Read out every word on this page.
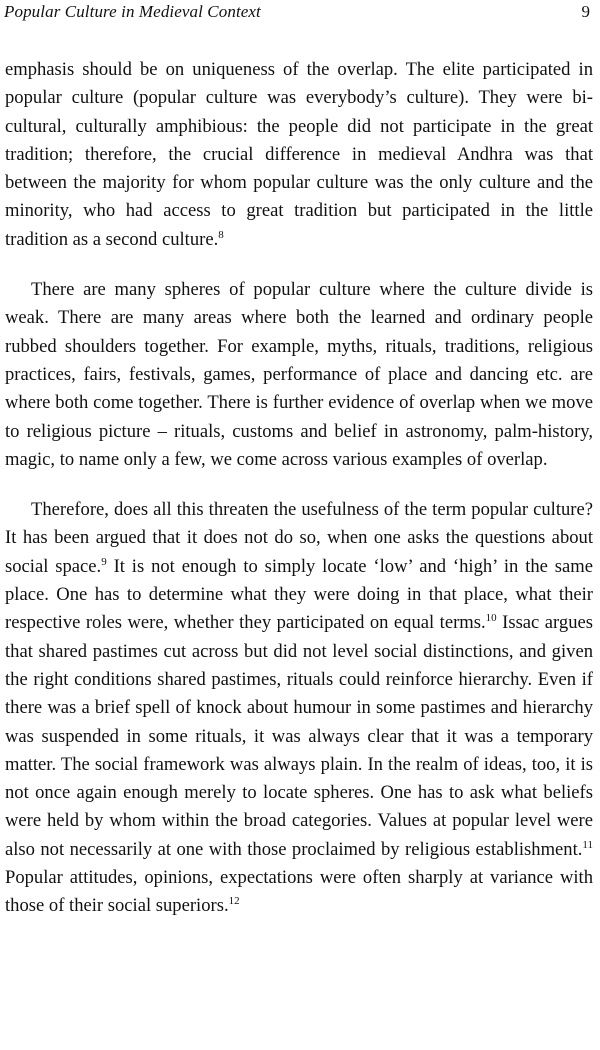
Popular Culture in Medieval Context	9

emphasis should be on uniqueness of the overlap. The elite participated in popular culture (popular culture was everybody’s culture). They were bi-cultural, culturally amphibious: the people did not participate in the great tradition; therefore, the crucial difference in medieval Andhra was that between the majority for whom popular culture was the only culture and the minority, who had access to great tradition but participated in the little tradition as a second culture.$^8$

There are many spheres of popular culture where the culture divide is weak. There are many areas where both the learned and ordinary people rubbed shoulders together. For example, myths, rituals, traditions, religious practices, fairs, festivals, games, performance of place and dancing etc. are where both come together. There is further evidence of overlap when we move to religious picture – rituals, customs and belief in astronomy, palm-history, magic, to name only a few, we come across various examples of overlap.

Therefore, does all this threaten the usefulness of the term popular culture? It has been argued that it does not do so, when one asks the questions about social space.$^9$ It is not enough to simply locate ‘low’ and ‘high’ in the same place. One has to determine what they were doing in that place, what their respective roles were, whether they participated on equal terms.$^{10}$ Issac argues that shared pastimes cut across but did not level social distinctions, and given the right conditions shared pastimes, rituals could reinforce hierarchy. Even if there was a brief spell of knock about humour in some pastimes and hierarchy was suspended in some rituals, it was always clear that it was a temporary matter. The social framework was always plain. In the realm of ideas, too, it is not once again enough merely to locate spheres. One has to ask what beliefs were held by whom within the broad categories. Values at popular level were also not necessarily at one with those proclaimed by religious establishment.$^{11}$ Popular attitudes, opinions, expectations were often sharply at variance with those of their social superiors.$^{12}$
